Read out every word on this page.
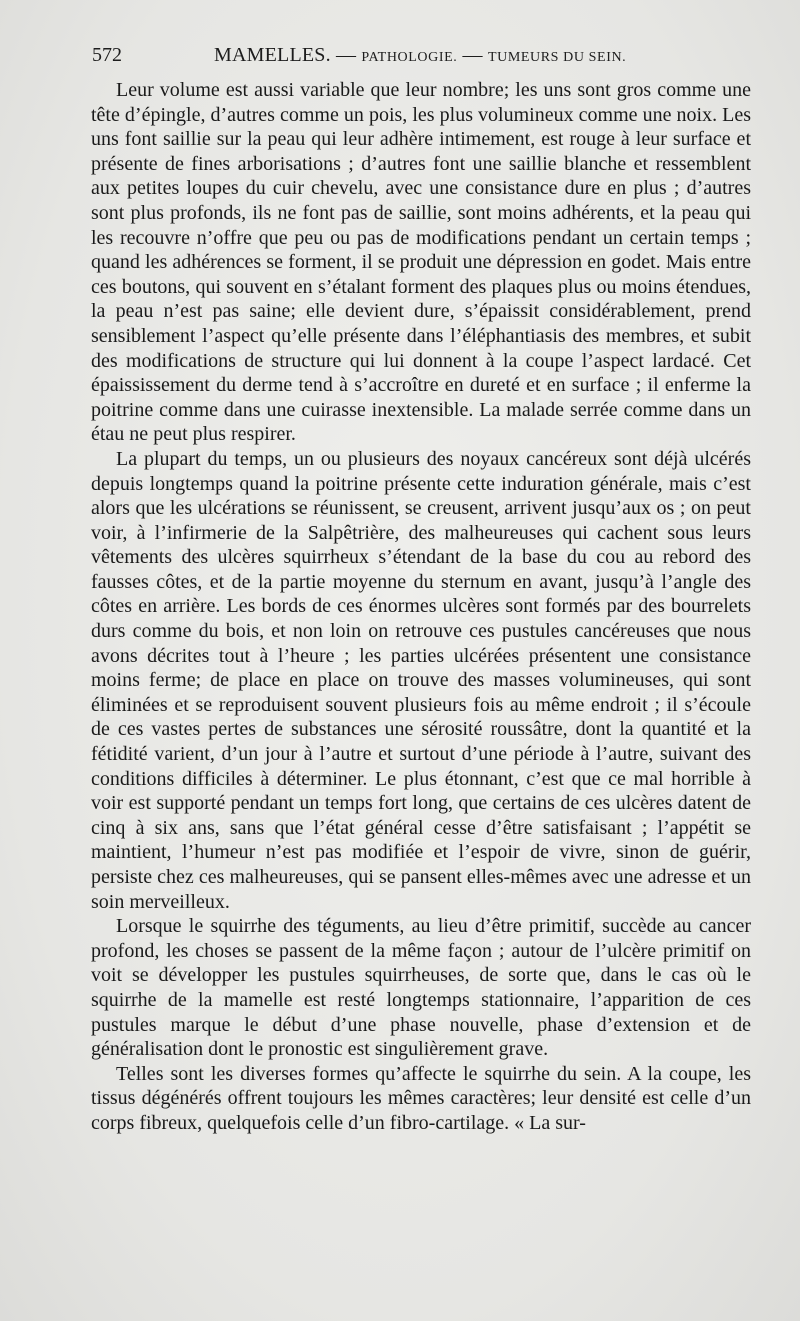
572	MAMELLES. — PATHOLOGIE. — TUMEURS DU SEIN.

Leur volume est aussi variable que leur nombre; les uns sont gros comme une tête d’épingle, d’autres comme un pois, les plus volumineux comme une noix. Les uns font saillie sur la peau qui leur adhère intimement, est rouge à leur surface et présente de fines arborisations ; d’autres font une saillie blanche et ressemblent aux petites loupes du cuir chevelu, avec une consistance dure en plus ; d’autres sont plus profonds, ils ne font pas de saillie, sont moins adhérents, et la peau qui les recouvre n’offre que peu ou pas de modifications pendant un certain temps ; quand les adhérences se forment, il se produit une dépression en godet. Mais entre ces boutons, qui souvent en s’étalant forment des plaques plus ou moins étendues, la peau n’est pas saine; elle devient dure, s’épaissit considérablement, prend sensiblement l’aspect qu’elle présente dans l’éléphantiasis des membres, et subit des modifications de structure qui lui donnent à la coupe l’aspect lardacé. Cet épaississement du derme tend à s’accroître en dureté et en surface ; il enferme la poitrine comme dans une cuirasse inextensible. La malade serrée comme dans un étau ne peut plus respirer.

La plupart du temps, un ou plusieurs des noyaux cancéreux sont déjà ulcérés depuis longtemps quand la poitrine présente cette induration générale, mais c’est alors que les ulcérations se réunissent, se creusent, arrivent jusqu’aux os ; on peut voir, à l’infirmerie de la Salpêtrière, des malheureuses qui cachent sous leurs vêtements des ulcères squirrheux s’étendant de la base du cou au rebord des fausses côtes, et de la partie moyenne du sternum en avant, jusqu’à l’angle des côtes en arrière. Les bords de ces énormes ulcères sont formés par des bourrelets durs comme du bois, et non loin on retrouve ces pustules cancéreuses que nous avons décrites tout à l’heure ; les parties ulcérées présentent une consistance moins ferme; de place en place on trouve des masses volumineuses, qui sont éliminées et se reproduisent souvent plusieurs fois au même endroit ; il s’écoule de ces vastes pertes de substances une sérosité roussâtre, dont la quantité et la fétidité varient, d’un jour à l’autre et surtout d’une période à l’autre, suivant des conditions difficiles à déterminer. Le plus étonnant, c’est que ce mal horrible à voir est supporté pendant un temps fort long, que certains de ces ulcères datent de cinq à six ans, sans que l’état général cesse d’être satisfaisant ; l’appétit se maintient, l’humeur n’est pas modifiée et l’espoir de vivre, sinon de guérir, persiste chez ces malheureuses, qui se pansent elles-mêmes avec une adresse et un soin merveilleux.

Lorsque le squirrhe des téguments, au lieu d’être primitif, succède au cancer profond, les choses se passent de la même façon ; autour de l’ulcère primitif on voit se développer les pustules squirrheuses, de sorte que, dans le cas où le squirrhe de la mamelle est resté longtemps stationnaire, l’apparition de ces pustules marque le début d’une phase nouvelle, phase d’extension et de généralisation dont le pronostic est singulièrement grave.

Telles sont les diverses formes qu’affecte le squirrhe du sein. A la coupe, les tissus dégénérés offrent toujours les mêmes caractères; leur densité est celle d’un corps fibreux, quelquefois celle d’un fibro-cartilage. « La sur-
